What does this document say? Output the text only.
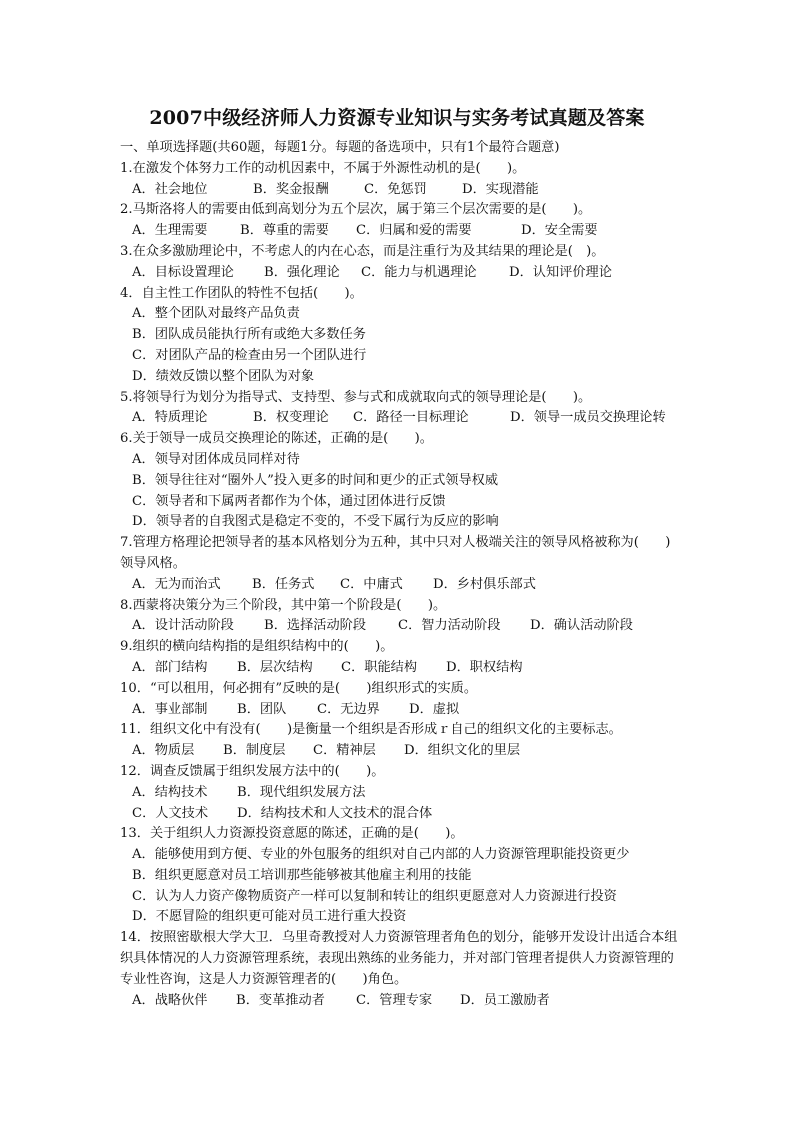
2007中级经济师人力资源专业知识与实务考试真题及答案
一、单项选择题(共60题，每题1分。每题的备选项中，只有1个最符合题意)
1.在激发个体努力工作的动机因素中，不属于外源性动机的是(　　)。
A．社会地位	B．奖金报酬	C．免惩罚	D．实现潜能
2.马斯洛将人的需要由低到高划分为五个层次，属于第三个层次需要的是(　　)。
A．生理需要	B．尊重的需要	C．归属和爱的需要	D．安全需要
3.在众多激励理论中，不考虑人的内在心态，而是注重行为及其结果的理论是(　)。
A．目标设置理论	B．强化理论	C．能力与机遇理论	D．认知评价理论
4．自主性工作团队的特性不包括(　　)。
A．整个团队对最终产品负责
B．团队成员能执行所有或绝大多数任务
C．对团队产品的检查由另一个团队进行
D．绩效反馈以整个团队为对象
5.将领导行为划分为指导式、支持型、参与式和成就取向式的领导理论是(　　)。
A．特质理论	B．权变理论	C．路径一目标理论	D．领导一成员交换理论转
6.关于领导一成员交换理论的陈述，正确的是(　　)。
A．领导对团体成员同样对待
B．领导往往对“圈外人”投入更多的时间和更少的正式领导权威
C．领导者和下属两者都作为个体，通过团体进行反馈
D．领导者的自我图式是稳定不变的，不受下属行为反应的影响
7.管理方格理论把领导者的基本风格划分为五种，其中只对人极端关注的领导风格被称为(　　)领导风格。
A．无为而治式	B．任务式	C．中庸式	D．乡村俱乐部式
8.西蒙将决策分为三个阶段，其中第一个阶段是(　　)。
A．设计活动阶段	B．选择活动阶段	C．智力活动阶段	D．确认活动阶段
9.组织的横向结构指的是组织结构中的(　　)。
A．部门结构	B．层次结构	C．职能结构	D．职权结构
10．“可以租用，何必拥有”反映的是(　　)组织形式的实质。
A．事业部制	B．团队	C．无边界	D．虚拟
11．组织文化中有没有(　　)是衡量一个组织是否形成ｒ自己的组织文化的主要标志。
A．物质层	B．制度层	C．精神层	D．组织文化的里层
12．调查反馈属于组织发展方法中的(　　)。
A．结构技术	B．现代组织发展方法
C．人文技术	D．结构技术和人文技术的混合体
13．关于组织人力资源投资意愿的陈述，正确的是(　　)。
A．能够使用到方便、专业的外包服务的组织对自己内部的人力资源管理职能投资更少
B．组织更愿意对员工培训那些能够被其他雇主利用的技能
C．认为人力资产像物质资产一样可以复制和转让的组织更愿意对人力资源进行投资
D．不愿冒险的组织更可能对员工进行重大投资
14．按照密歇根大学大卫．乌里奇教授对人力资源管理者角色的划分，能够开发设计出适合本组织具体情况的人力资源管理系统，表现出熟练的业务能力，并对部门管理者提供人力资源管理的专业性咨询，这是人力资源管理者的(　　)角色。
A．战略伙伴	B．变革推动者	C．管理专家	D．员工激励者
